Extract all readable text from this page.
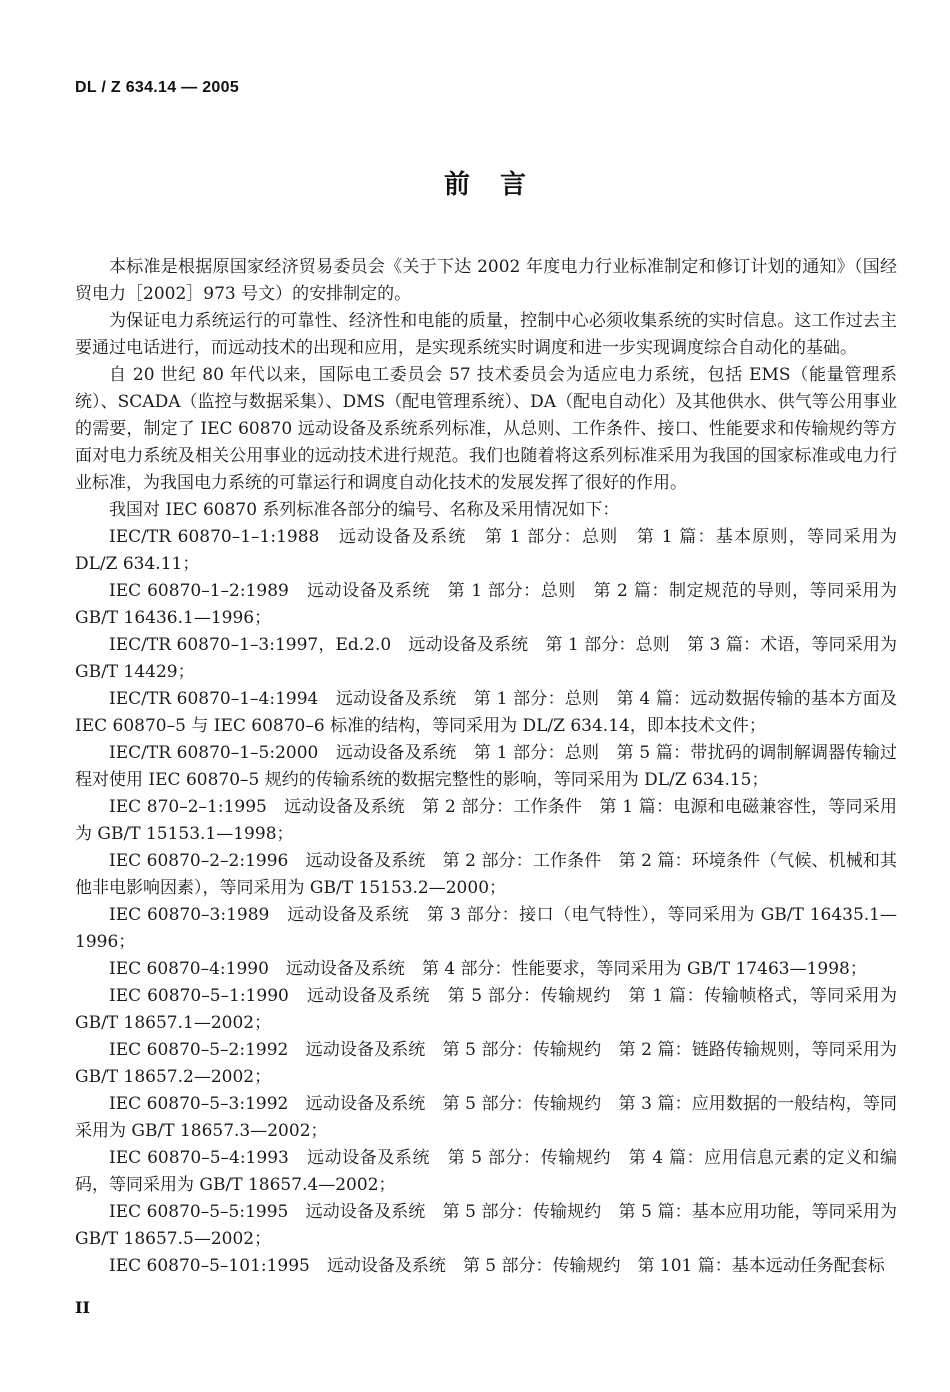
DL / Z 634.14 — 2005
前　言

本标准是根据原国家经济贸易委员会《关于下达 2002 年度电力行业标准制定和修订计划的通知》（国经贸电力［2002］973 号文）的安排制定的。

为保证电力系统运行的可靠性、经济性和电能的质量，控制中心必须收集系统的实时信息。这工作过去主要通过电话进行，而远动技术的出现和应用，是实现系统实时调度和进一步实现调度综合自动化的基础。

自 20 世纪 80 年代以来，国际电工委员会 57 技术委员会为适应电力系统，包括 EMS（能量管理系统）、SCADA（监控与数据采集）、DMS（配电管理系统）、DA（配电自动化）及其他供水、供气等公用事业的需要，制定了 IEC 60870 远动设备及系统系列标准，从总则、工作条件、接口、性能要求和传输规约等方面对电力系统及相关公用事业的远动技术进行规范。我们也随着将这系列标准采用为我国的国家标准或电力行业标准，为我国电力系统的可靠运行和调度自动化技术的发展发挥了很好的作用。

我国对 IEC 60870 系列标准各部分的编号、名称及采用情况如下：

IEC/TR 60870–1–1:1988　远动设备及系统　第 1 部分：总则　第 1 篇：基本原则，等同采用为 DL/Z 634.11；

IEC 60870–1–2:1989　远动设备及系统　第 1 部分：总则　第 2 篇：制定规范的导则，等同采用为 GB/T 16436.1—1996；

IEC/TR 60870–1–3:1997，Ed.2.0　远动设备及系统　第 1 部分：总则　第 3 篇：术语，等同采用为 GB/T 14429；

IEC/TR 60870–1–4:1994　远动设备及系统　第 1 部分：总则　第 4 篇：远动数据传输的基本方面及 IEC 60870–5 与 IEC 60870–6 标准的结构，等同采用为 DL/Z 634.14，即本技术文件；

IEC/TR 60870–1–5:2000　远动设备及系统　第 1 部分：总则　第 5 篇：带扰码的调制解调器传输过程对使用 IEC 60870–5 规约的传输系统的数据完整性的影响，等同采用为 DL/Z 634.15；

IEC 870–2–1:1995　远动设备及系统　第 2 部分：工作条件　第 1 篇：电源和电磁兼容性，等同采用为 GB/T 15153.1—1998；

IEC 60870–2–2:1996　远动设备及系统　第 2 部分：工作条件　第 2 篇：环境条件（气候、机械和其他非电影响因素），等同采用为 GB/T 15153.2—2000；

IEC 60870–3:1989　远动设备及系统　第 3 部分：接口（电气特性），等同采用为 GB/T 16435.1—1996；

IEC 60870–4:1990　远动设备及系统　第 4 部分：性能要求，等同采用为 GB/T 17463—1998；

IEC 60870–5–1:1990　远动设备及系统　第 5 部分：传输规约　第 1 篇：传输帧格式，等同采用为 GB/T 18657.1—2002；

IEC 60870–5–2:1992　远动设备及系统　第 5 部分：传输规约　第 2 篇：链路传输规则，等同采用为 GB/T 18657.2—2002；

IEC 60870–5–3:1992　远动设备及系统　第 5 部分：传输规约　第 3 篇：应用数据的一般结构，等同采用为 GB/T 18657.3—2002；

IEC 60870–5–4:1993　远动设备及系统　第 5 部分：传输规约　第 4 篇：应用信息元素的定义和编码，等同采用为 GB/T 18657.4—2002；

IEC 60870–5–5:1995　远动设备及系统　第 5 部分：传输规约　第 5 篇：基本应用功能，等同采用为 GB/T 18657.5—2002；

IEC 60870–5–101:1995　远动设备及系统　第 5 部分：传输规约　第 101 篇：基本远动任务配套标

II
